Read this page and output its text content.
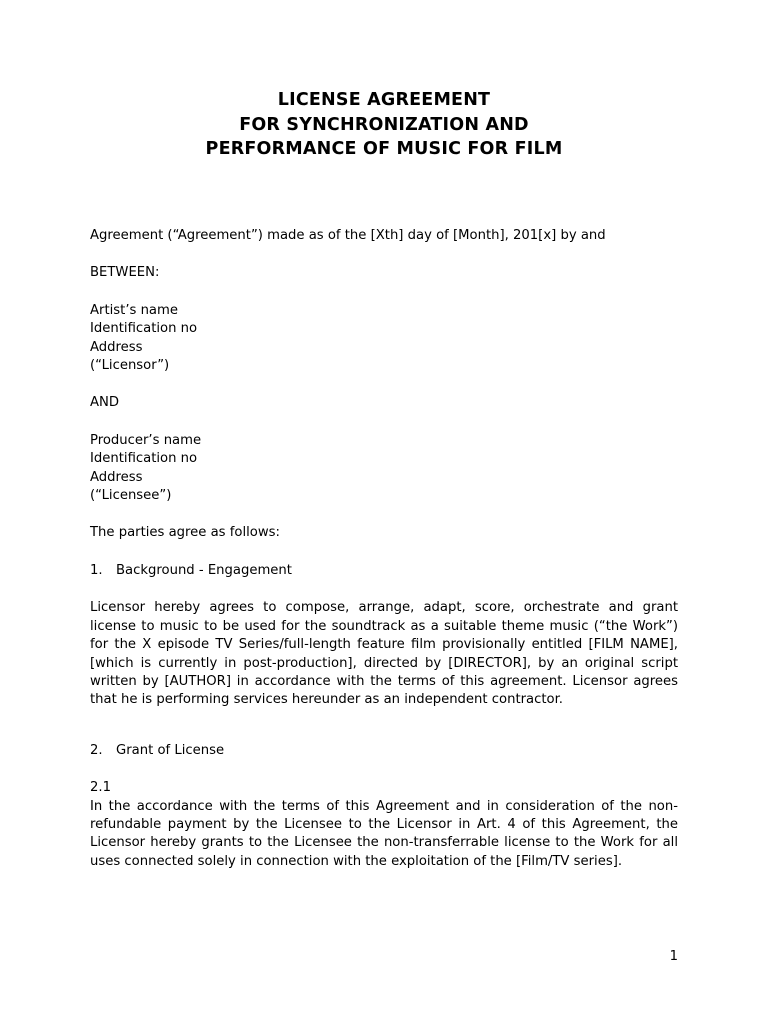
LICENSE AGREEMENT
FOR SYNCHRONIZATION AND
PERFORMANCE OF MUSIC FOR FILM

Agreement (“Agreement”) made as of the [Xth] day of [Month], 201[x] by and

BETWEEN:

Artist’s name

Identification no

Address

(“Licensor”)

AND

Producer’s name

Identification no

Address

(“Licensee”)

The parties agree as follows:

1. Background - Engagement

Licensor hereby agrees to compose, arrange, adapt, score, orchestrate and grant license to music to be used for the soundtrack as a suitable theme music (“the Work”) for the X episode TV Series/full-length feature film provisionally entitled [FILM NAME], [which is currently in post-production], directed by [DIRECTOR], by an original script written by [AUTHOR] in accordance with the terms of this agreement. Licensor agrees that he is performing services hereunder as an independent contractor.

2. Grant of License

2.1

In the accordance with the terms of this Agreement and in consideration of the non-refundable payment by the Licensee to the Licensor in Art. 4 of this Agreement, the Licensor hereby grants to the Licensee the non-transferrable license to the Work for all uses connected solely in connection with the exploitation of the [Film/TV series].

1
